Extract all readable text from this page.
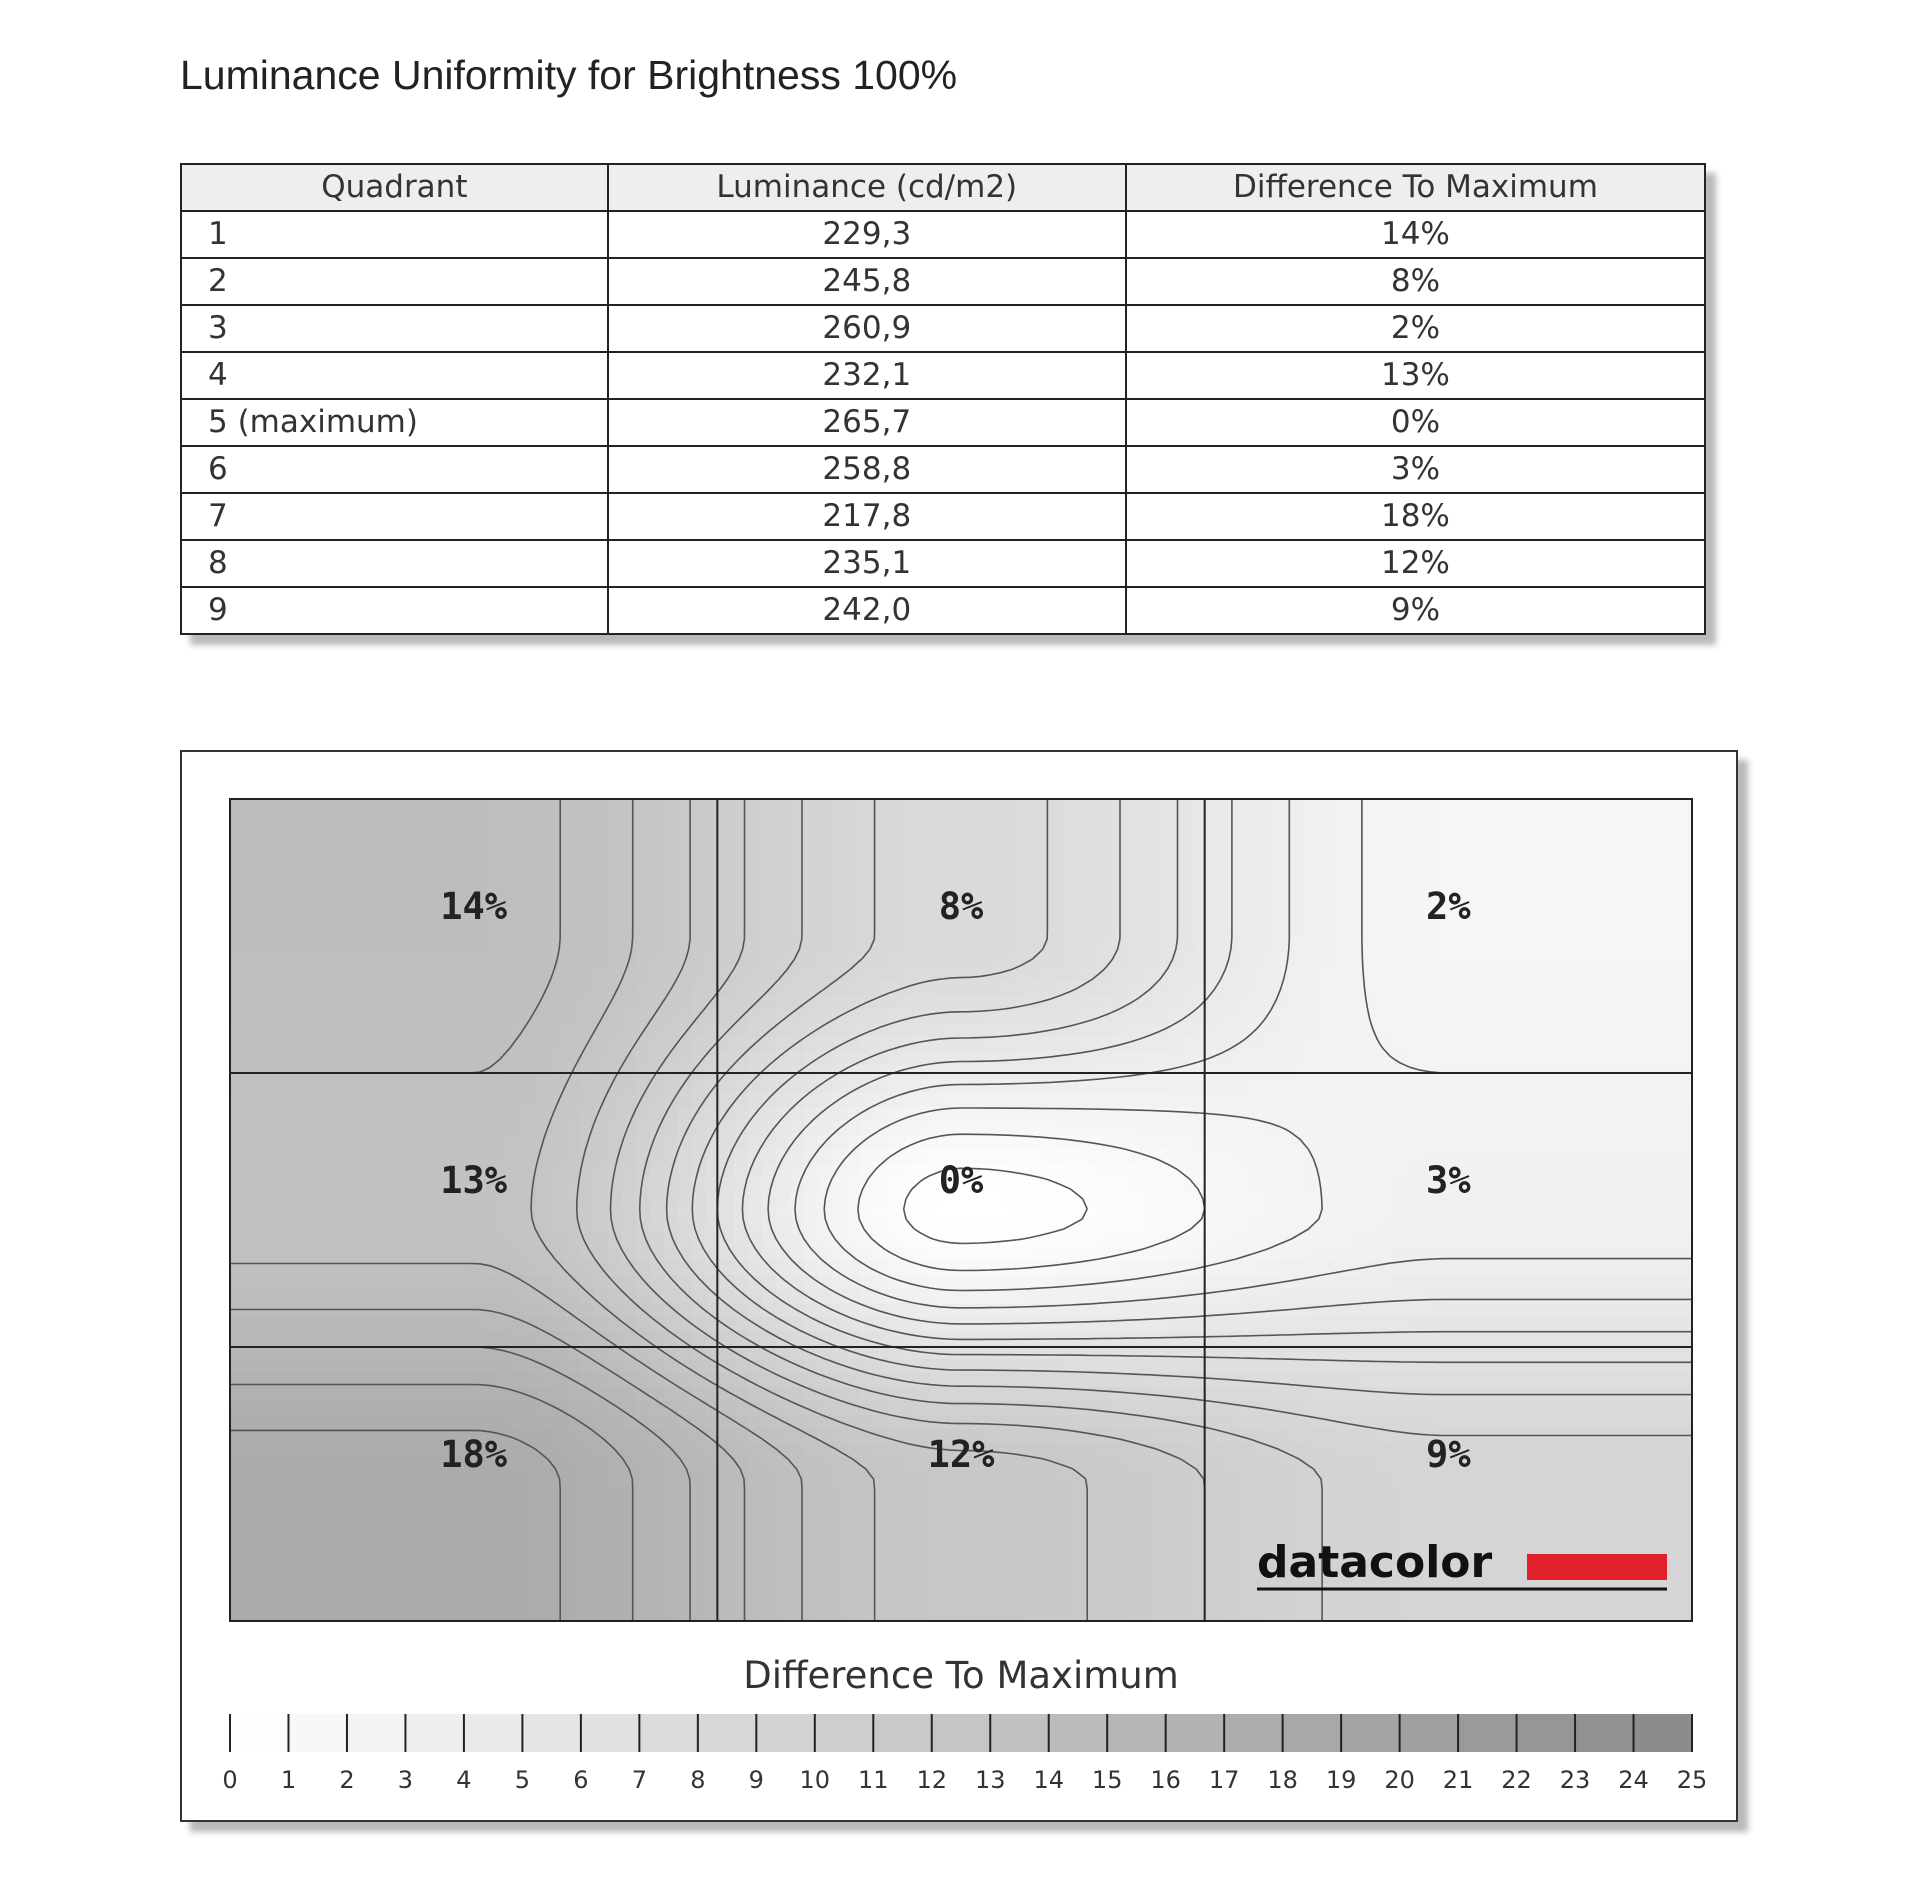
Luminance Uniformity for Brightness 100%
Quadrant	Luminance (cd/m2)	Difference To Maximum
1	229,3	14%
2	245,8	8%
3	260,9	2%
4	232,1	13%
5 (maximum)	265,7	0%
6	258,8	3%
7	217,8	18%
8	235,1	12%
9	242,0	9%
14%	8%	2%
13%	0%	3%
18%	12%	9%
datacolor
Difference To Maximum
0 1 2 3 4 5 6 7 8 9 10 11 12 13 14 15 16 17 18 19 20 21 22 23 24 25
